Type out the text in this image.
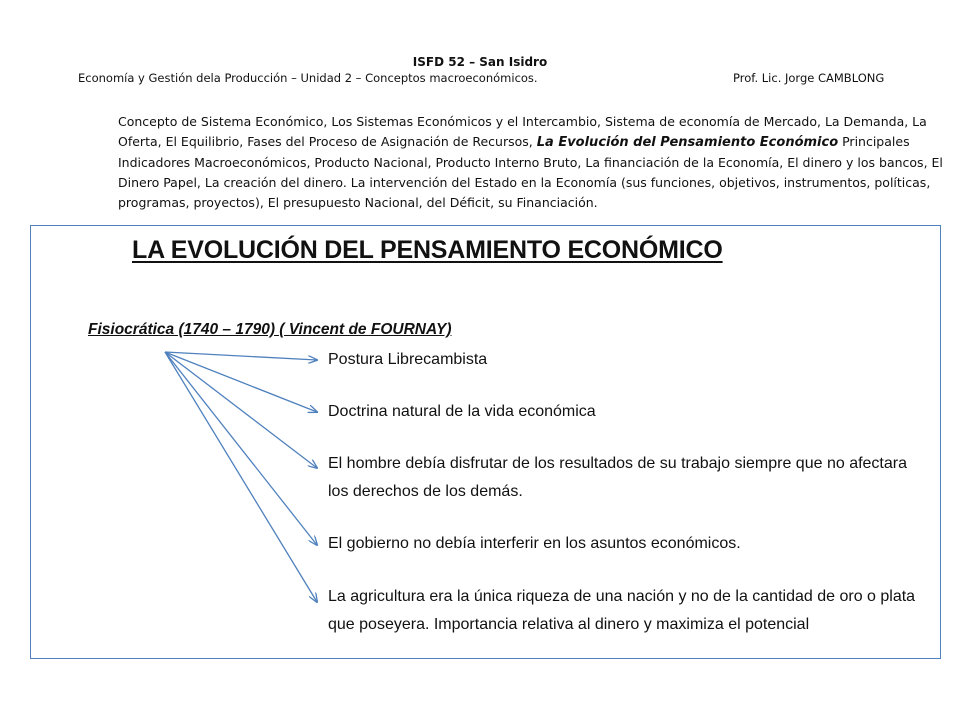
ISFD 52 – San Isidro
Economía y Gestión dela Producción – Unidad 2 – Conceptos macroeconómicos.	Prof. Lic. Jorge CAMBLONG

Concepto de Sistema Económico, Los Sistemas Económicos y el Intercambio, Sistema de economía de Mercado, La Demanda, La Oferta, El Equilibrio, Fases del Proceso de Asignación de Recursos, La Evolución del Pensamiento Económico Principales Indicadores Macroeconómicos, Producto Nacional, Producto Interno Bruto, La financiación de la Economía, El dinero y los bancos, El Dinero Papel, La creación del dinero. La intervención del Estado en la Economía (sus funciones, objetivos, instrumentos, políticas, programas, proyectos), El presupuesto Nacional, del Déficit, su Financiación.

LA EVOLUCIÓN DEL PENSAMIENTO ECONÓMICO
Fisiocrática (1740 – 1790) ( Vincent de FOURNAY)

Postura Librecambista

Doctrina natural de la vida económica

El hombre debía disfrutar de los resultados de su trabajo siempre que no afectara los derechos de los demás.

El gobierno no debía interferir en los asuntos económicos.

La agricultura era la única riqueza de una nación y no de la cantidad de oro o plata que poseyera. Importancia relativa al dinero y maximiza el potencial
